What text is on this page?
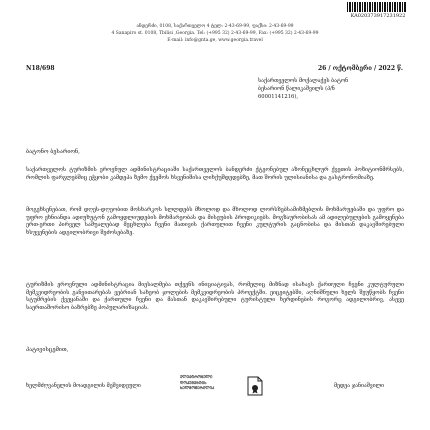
KA020373917231922
ანდერძი, 0108, საქართველო 4 ტელ: 2-43-69-99, ფაქსი: 2-43-69-99
4 Sanapiro st. 0108, Tbilisi ,Georgia. Tel: (+995 32) 2-43-69-99, Fax: (+995 32) 2-43-69-99
E-mail: info@gnta.ge, www.georgia.travel
N18/698	26 / ოქტომბერი / 2022 წ.
საქართველოს მოქალაქეს ბატონ
ბესარიონ წალიკაშვილს (პ/ნ
60001141216),
ბატონო ბესარიონ,
საქართველოს ტურიზმის ეროვნულ ადმინისტრაციაში საქართველოს ბანდერძი ქტეონებულ აზონეცხლურ ქვეთის პოზიტიონმრსებს, რომლის ფარგლებშიც ეჭყობი კამდეპა ზემო ქვემოს ხსვენიშისა ლიხქუშდედებზე, მათ შორის ულისიანისა და გასტრონომიაზე.
მოგეხსენებათ, რომ დღეს-დღეობით მოსხარკოს სლლდებს მხოლოდ და მხოლოდ ლორსზებსამიზმებლის მოხმარუებაში და უფრო და უფრო ეხნიანდა ადიუხუტონ გამოყდლიუდების მოხმარეობას და მისეუბის პროდიკიებს. მოგზაურობისას ამ ადილებულების გამოყენება ერთ-ერთი პირველ საშუალებად მეცხლება ჩვენი მათივის ქართულით ჩვენი კულტურის გაცნობისა და მისთან დაკავშირებული ხსუვენების ადგილობრივი შეძოსებაზე.
ტურიზმის ეროვნული ადმინისტრაცია მიესალმება თქვენს ინიციატივას, რომელიც მიზნად ისახავს ქართული ჩვენი კულტურული მემკვიდრეობის განვითარებას ვებრიან სახეობ ჯოლების მემკვიდრეობის პროექტში. ეიცეიტებში, აღნიშნული ხელს შეუწყობს ჩვენი სტუმრების ქვეყანაში და ქართული ჩვენი და მასთან დაკავშირებული ტურისტული ხერდინების როგორც ადგილობრივ, ასევე საერთაშორისო ბაზრებზე პოპულარიზაციას.
პატივისცემით,
ხელმძღვანელის მოადგილის მეშვიდეული
ᲔᲚᲔᲥᲢᲠᲝᲜᲣᲚᲘ
ᲓᲝᲙᲣᲛᲔᲜᲢᲘᲡ
ᲮᲔᲚᲛᲝᲬᲔᲠᲘᲚᲘᲐ	მედეა ჯანიაშვილი
